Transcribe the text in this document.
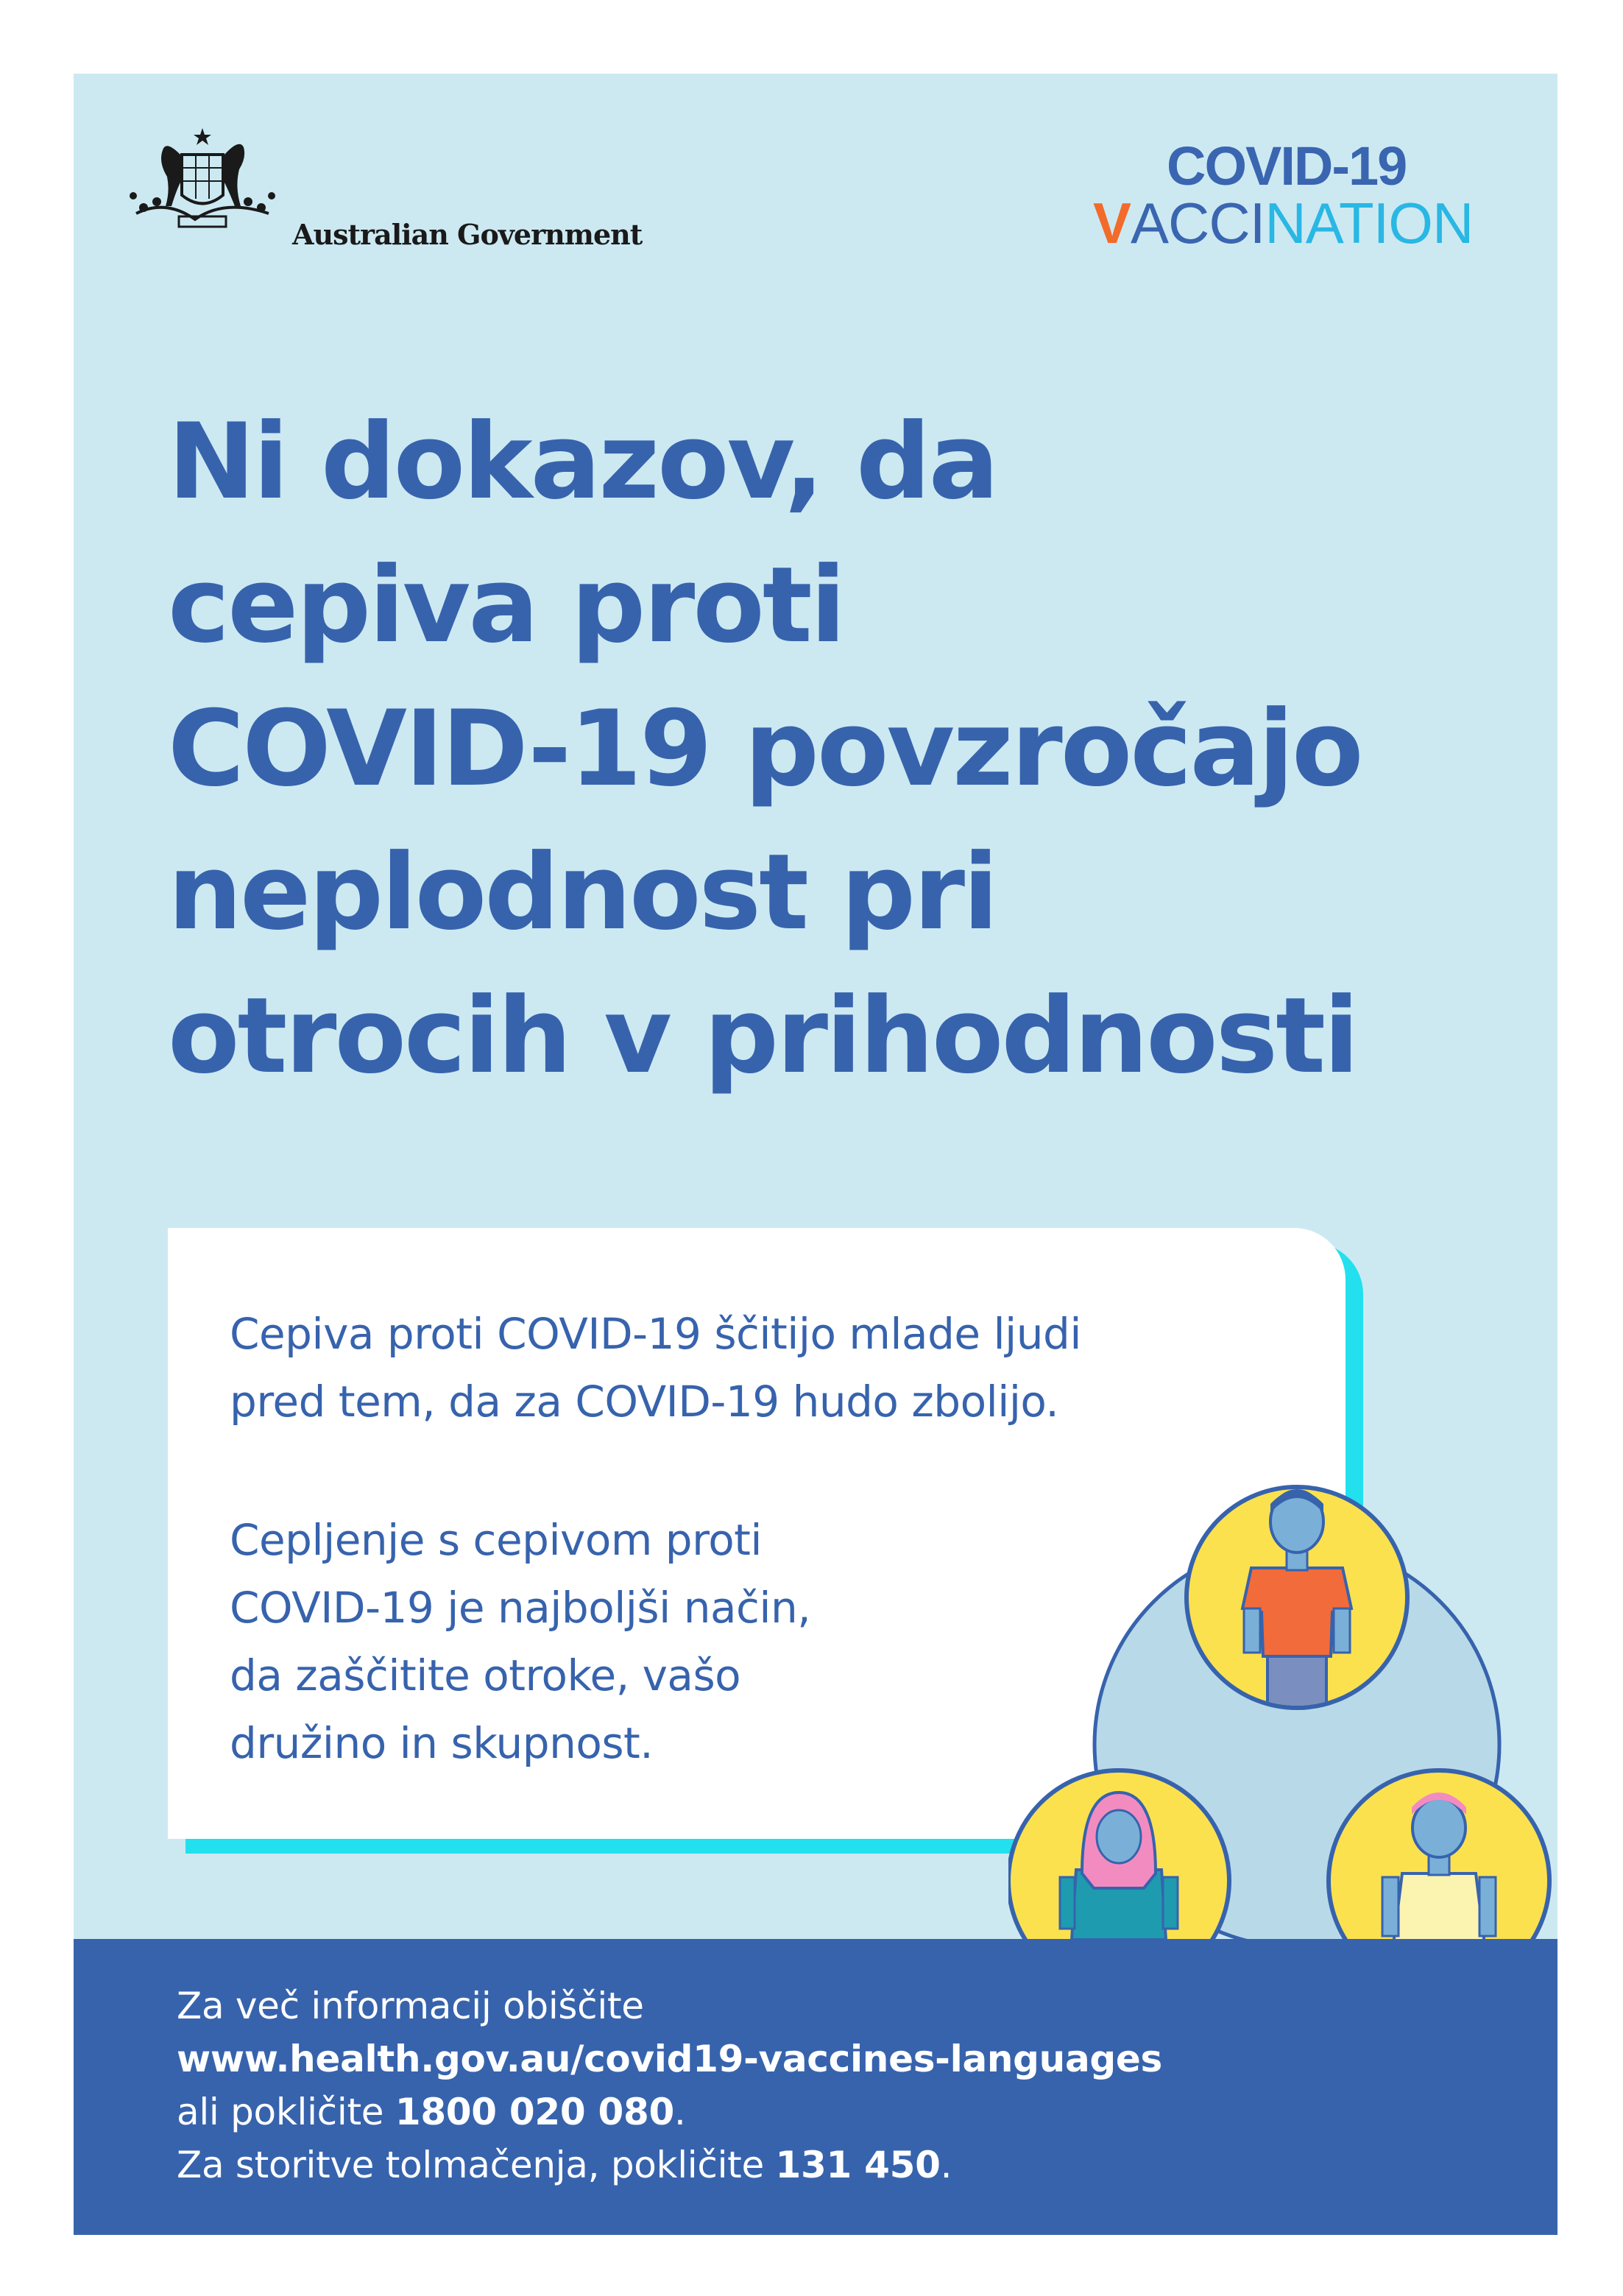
Australian Government
COVID-19
VACCINATION
Ni dokazov, da
cepiva proti
COVID-19 povzročajo
neplodnost pri
otrocih v prihodnosti

Cepiva proti COVID-19 ščitijo mlade ljudi
pred tem, da za COVID-19 hudo zbolijo.

Cepljenje s cepivom proti
COVID-19 je najboljši način,
da zaščitite otroke, vašo
družino in skupnost.

Za več informacij obiščite
www.health.gov.au/covid19-vaccines-languages
ali pokličite 1800 020 080.
Za storitve tolmačenja, pokličite 131 450.
